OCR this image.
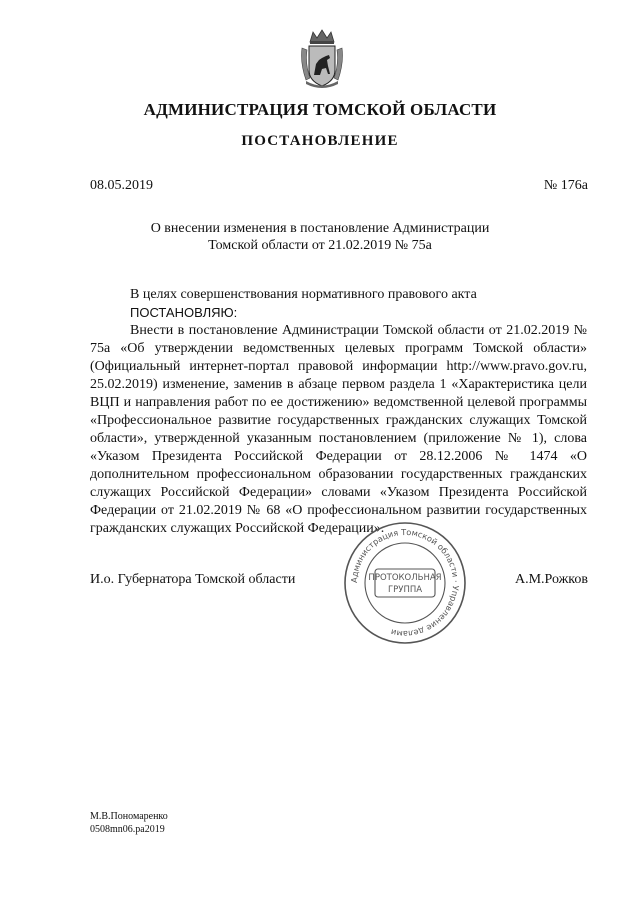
АДМИНИСТРАЦИЯ ТОМСКОЙ ОБЛАСТИ
ПОСТАНОВЛЕНИЕ
08.05.2019	№ 176а
О внесении изменения в постановление Администрации
Томской области от 21.02.2019 № 75а

В целях совершенствования нормативного правового акта

ПОСТАНОВЛЯЮ:

Внести в постановление Администрации Томской области от 21.02.2019 № 75а «Об утверждении ведомственных целевых программ Томской области» (Официальный интернет-портал правовой информации http://www.pravo.gov.ru, 25.02.2019) изменение, заменив в абзаце первом раздела 1 «Характеристика цели ВЦП и направления работ по ее достижению» ведомственной целевой программы «Профессиональное развитие государственных гражданских служащих Томской области», утвержденной указанным постановлением (приложение № 1), слова «Указом Президента Российской Федерации от 28.12.2006 № 1474 «О дополнительном профессиональном образовании государственных гражданских служащих Российской Федерации» словами «Указом Президента Российской Федерации от 21.02.2019 № 68 «О профессиональном развитии государственных гражданских служащих Российской Федерации».

И.о. Губернатора Томской области	А.М.Рожков
Администрация Томской области · Управление делами
ПРОТОКОЛЬНАЯ
ГРУППА
М.В.Пономаренко
0508mn06.ра2019
